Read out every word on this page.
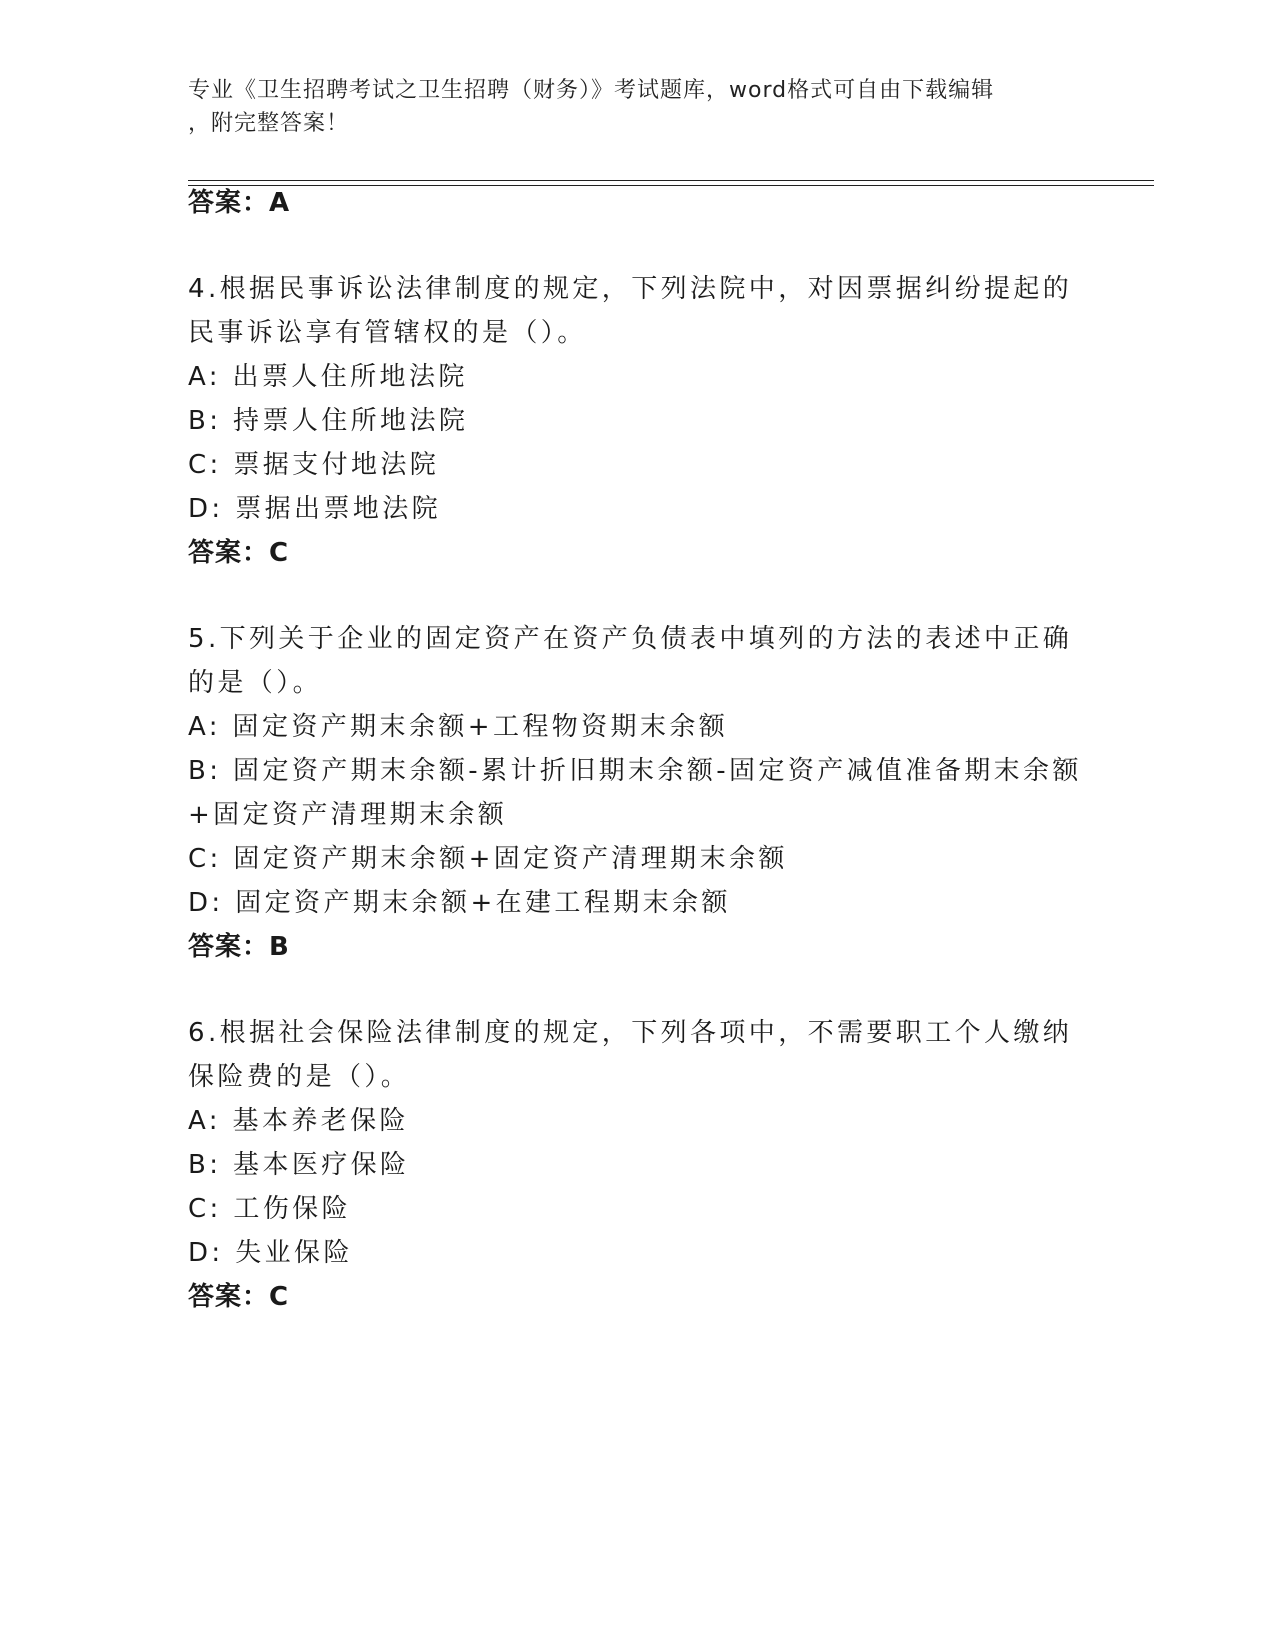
专业《卫生招聘考试之卫生招聘（财务）》考试题库，word格式可自由下载编辑
，附完整答案！
答案：A
4.根据民事诉讼法律制度的规定，下列法院中，对因票据纠纷提起的
民事诉讼享有管辖权的是（）。
A: 出票人住所地法院
B: 持票人住所地法院
C: 票据支付地法院
D: 票据出票地法院
答案：C
5.下列关于企业的固定资产在资产负债表中填列的方法的表述中正确
的是（）。
A: 固定资产期末余额+工程物资期末余额
B: 固定资产期末余额-累计折旧期末余额-固定资产减值准备期末余额
+固定资产清理期末余额
C: 固定资产期末余额+固定资产清理期末余额
D: 固定资产期末余额+在建工程期末余额
答案：B
6.根据社会保险法律制度的规定，下列各项中，不需要职工个人缴纳
保险费的是（）。
A: 基本养老保险
B: 基本医疗保险
C: 工伤保险
D: 失业保险
答案：C
